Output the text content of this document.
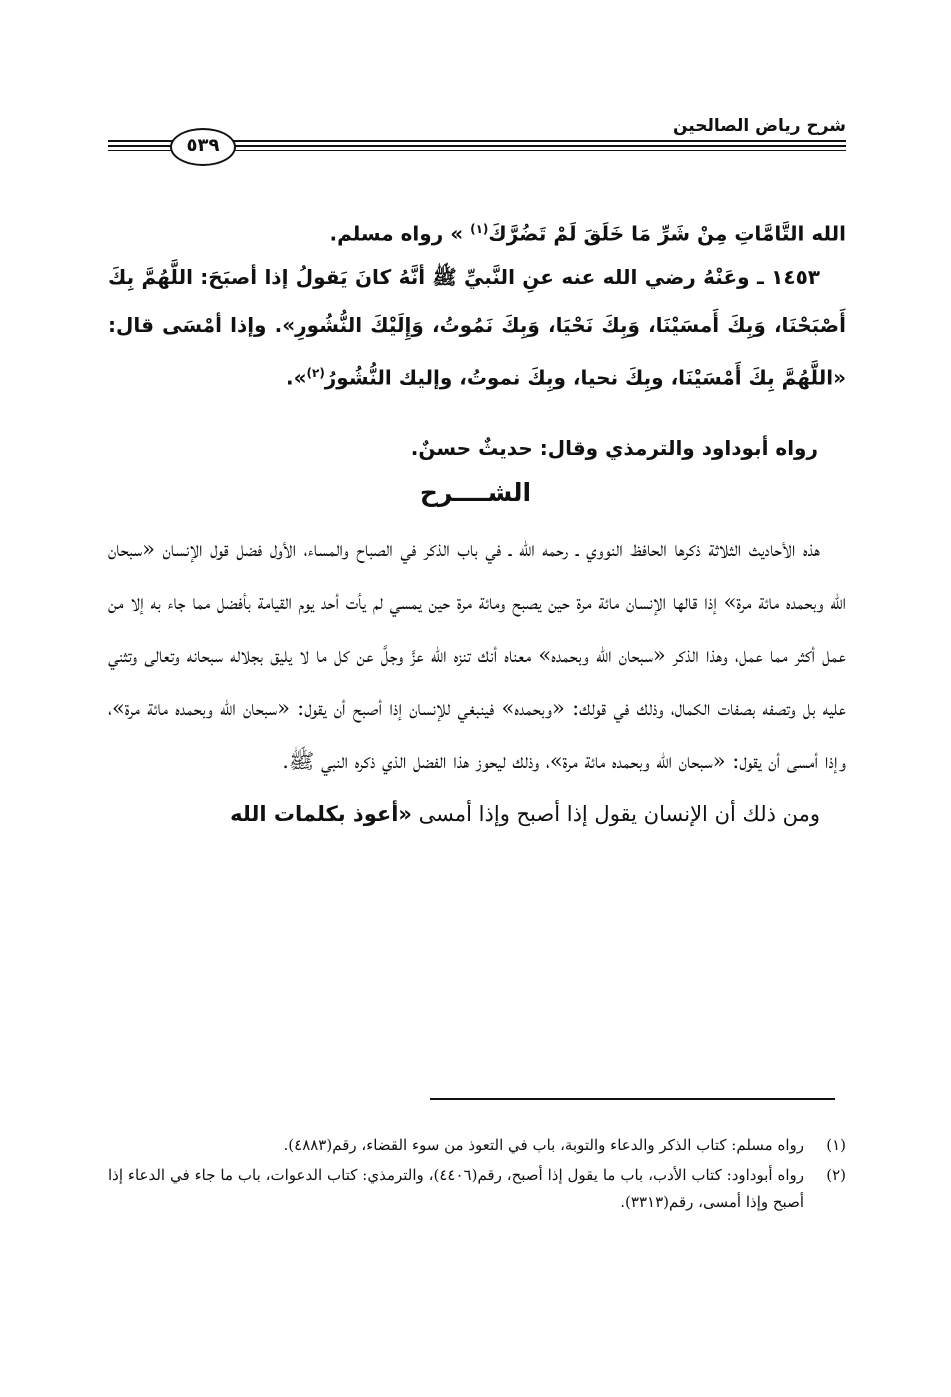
شرح رياض الصالحين
٥٣٩

الله التَّامَّاتِ مِنْ شَرِّ مَا خَلَقَ لَمْ تَضُرَّكَ$^{(١)}$ » رواه مسلم.

١٤٥٣ ـ وعَنْهُ رضي الله عنه عنِ النَّبيِّ ﷺ أنَّهُ كانَ يَقولُ إذا أصبَحَ: اللَّهُمَّ بِكَ أَصْبَحْنَا، وَبِكَ أَمسَيْنَا، وَبِكَ نَحْيَا، وَبِكَ نَمُوتُ، وَإِلَيْكَ النُّشُورِ». وإذا أمْسَى قال: «اللَّهُمَّ بِكَ أَمْسَيْنَا، وبِكَ نحيا، وبِكَ نموتُ، وإليك النُّشُورُ$^{(٢)}$».

رواه أبوداود والترمذي وقال: حديثٌ حسنٌ.

الشــــرح

هذه الأحاديث الثلاثة ذكرها الحافظ النووي ـ رحمه الله ـ في باب الذكر في الصباح والمساء، الأول فضل قول الإنسان «سبحان الله وبحمده مائة مرة» إذا قالها الإنسان مائة مرة حين يصبح ومائة مرة حين يمسي لم يأت أحد يوم القيامة بأفضل مما جاء به إلا من عمل أكثر مما عمل، وهذا الذكر «سبحان الله وبحمده» معناه أنك تنزه الله عزَّ وجلَّ عن كل ما لا يليق بجلاله سبحانه وتعالى وتثني عليه بل وتصفه بصفات الكمال، وذلك في قولك: «وبحمده» فينبغي للإنسان إذا أصبح أن يقول: «سبحان الله وبحمده مائة مرة»، وإذا أمسى أن يقول: «سبحان الله وبحمده مائة مرة»، وذلك ليحوز هذا الفضل الذي ذكره النبي ﷺ.

ومن ذلك أن الإنسان يقول إذا أصبح وإذا أمسى «أعوذ بكلمات الله

(١)
رواه مسلم: كتاب الذكر والدعاء والتوبة، باب في التعوذ من سوء القضاء، رقم(٤٨٨٣).
(٢)
رواه أبوداود: كتاب الأدب، باب ما يقول إذا أصبح، رقم(٤٤٠٦)، والترمذي: كتاب الدعوات، باب ما جاء في الدعاء إذا أصبح وإذا أمسى، رقم(٣٣١٣).
